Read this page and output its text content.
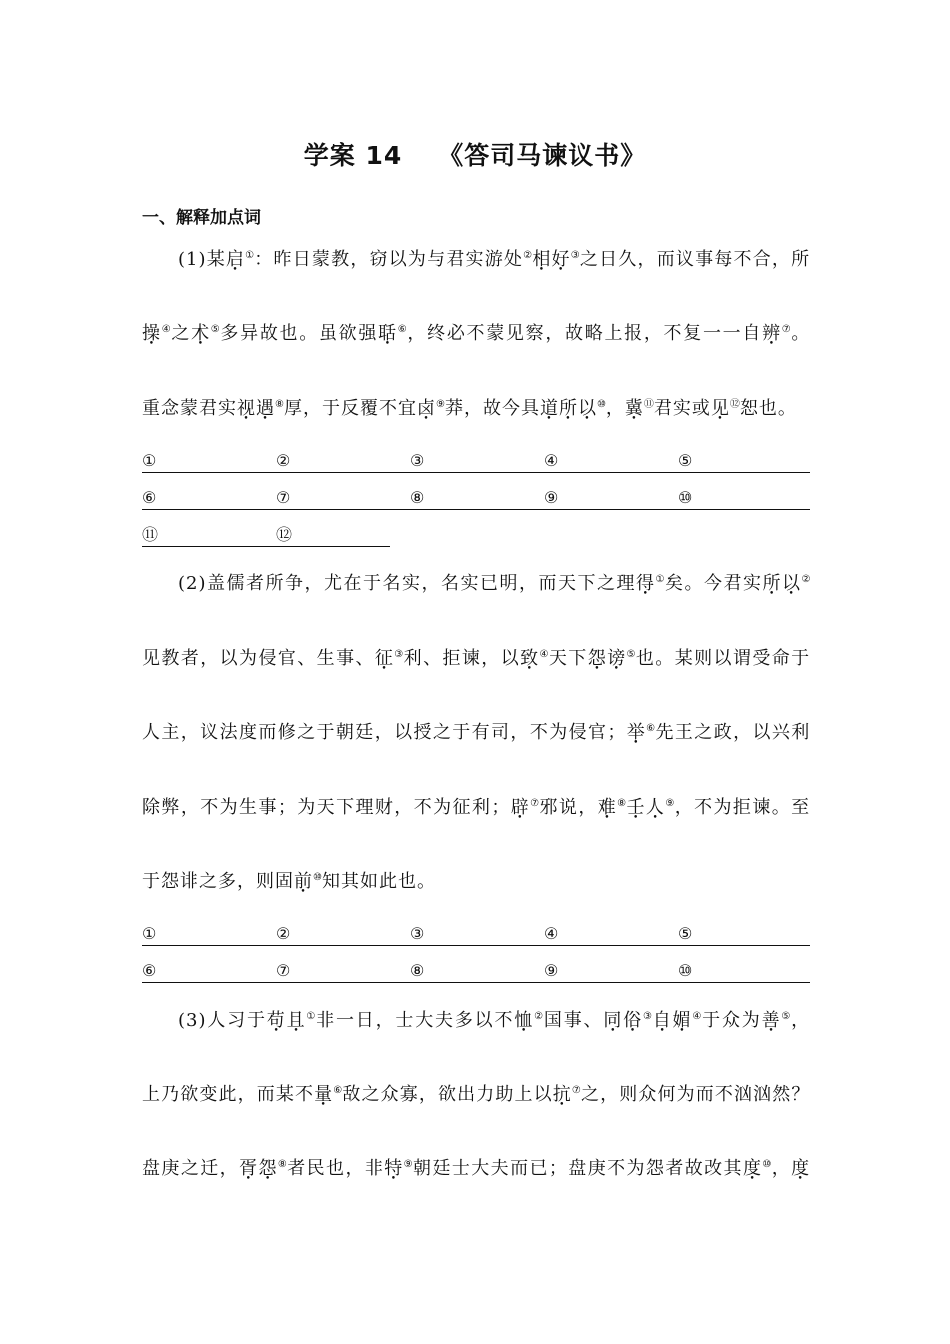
学案 14 《答司马谏议书》
一、解释加点词
(1)某启①：昨日蒙教，窃以为与君实游处②相好③之日久，而议事每不合，所
操④之术⑤多异故也。虽欲强聒⑥，终必不蒙见察，故略上报，不复一一自辨⑦。
重念蒙君实视遇⑧厚，于反覆不宜卤⑨莽，故今具道所以⑩，冀⑪君实或见⑫恕也。
①	②	③	④	⑤
⑥	⑦	⑧	⑨	⑩
⑪	⑫
(2)盖儒者所争，尤在于名实，名实已明，而天下之理得①矣。今君实所以②
见教者，以为侵官、生事、征③利、拒谏，以致④天下怨谤⑤也。某则以谓受命于
人主，议法度而修之于朝廷，以授之于有司，不为侵官；举⑥先王之政，以兴利
除弊，不为生事；为天下理财，不为征利；辟⑦邪说，难⑧壬人⑨，不为拒谏。至
于怨诽之多，则固前⑩知其如此也。
①	②	③	④	⑤
⑥	⑦	⑧	⑨	⑩
(3)人习于苟且①非一日，士大夫多以不恤②国事、同俗③自媚④于众为善⑤，
上乃欲变此，而某不量⑥敌之众寡，欲出力助上以抗⑦之，则众何为而不汹汹然？
盘庚之迁，胥怨⑧者民也，非特⑨朝廷士大夫而已；盘庚不为怨者故改其度⑩，度
